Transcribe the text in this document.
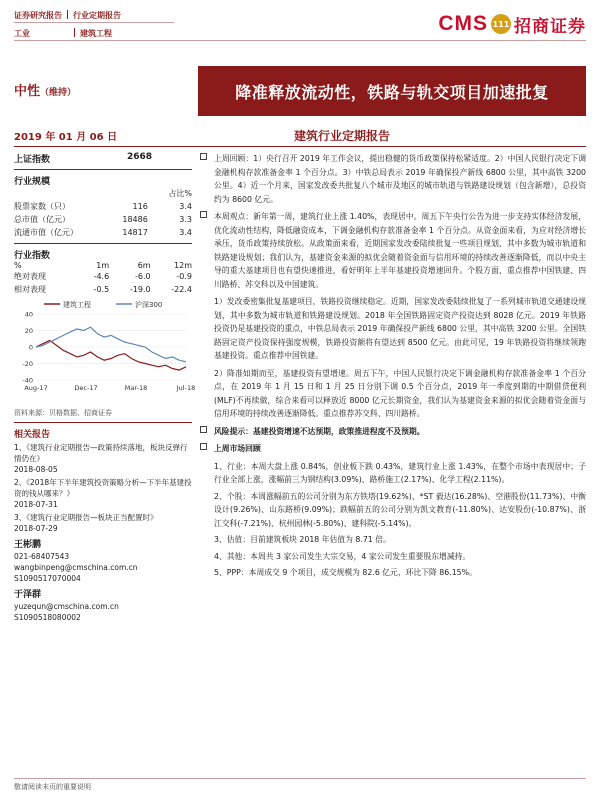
证券研究报告 行业定期报告
工业	建筑工程	CMS 111 招商证券
中性（维持）	降准释放流动性，铁路与轨交项目加速批复
2019 年 01 月 06 日	建筑行业定期报告
上证指数	2668
行业规模
		占比%
股票家数（只）	116	3.4
总市值（亿元）	18486	3.3
流通市值（亿元）	14817	3.4
行业指数
%	1m	6m	12m
绝对表现	-4.6	-6.0	-0.9
相对表现	-0.5	-19.0	-22.4
建筑工程	沪深300
40
20
0
-20
-40
Aug-17	Dec-17	Mar-18	Jul-18
资料来源：贝格数据、招商证券
相关报告
1、《建筑行业定期报告—政策持续落地，板块反弹行情仍在》
2018-08-05
2、《2018年下半年建筑投资策略分析—下半年基建投资的钱从哪来？》
2018-07-31
3、《建筑行业定期报告—板块正当配置时》
2018-07-29
王彬鹏
021-68407543
wangbinpeng@cmschina.com.cn
S1090517070004
于泽群
yuzequn@cmschina.com.cn
S1090518080002
上周回顾：1）央行召开 2019 年工作会议，提出稳健的货币政策保持松紧适度。2）中国人民银行决定下调金融机构存款准备金率 1 个百分点。3）中铁总局表示 2019 年确保投产新线 6800 公里，其中高铁 3200 公里。4）近一个月来，国家发改委共批复八个城市及地区的城市轨道与铁路建设规划（包含新增），总投资约为 8600 亿元。
本周观点：新年第一周，建筑行业上涨 1.40%，表现居中。周五下午央行公告为进一步支持实体经济发展，优化流动性结构，降低融资成本，下调金融机构存款准备金率 1 个百分点。从资金面来看，为应对经济增长承压，货币政策持续放松。从政策面来看，近期国家发改委陆续批复一些项目规划，其中多数为城市轨道和铁路建设规划；我们认为，基建资金来源的拟优会随着资金面与信用环境的持续改善逐渐降低，而以中央主导的重大基建项目也有望快速推进，看好明年上半年基建投资增速回升。个股方面，重点推荐中国铁建、四川路桥、苏交科以及中国建筑。
1）发改委密集批复基建项目，铁路投资继续稳定。近期，国家发改委陆续批复了一系列城市轨道交通建设规划，其中多数为城市轨道和铁路建设规划。2018 年全国铁路固定资产投资达到 8028 亿元。2019 年铁路投资仍是基建投资的重点，中铁总局表示 2019 年确保投产新线 6800 公里，其中高铁 3200 公里。全国铁路固定资产投资保持强度规模，铁路投资额将有望达到 8500 亿元。由此可见，19 年铁路投资将继续领跑基建投资。重点推荐中国铁建。
2）降准如期而至，基建投资有望增速。周五下午，中国人民银行决定下调金融机构存款准备金率 1 个百分点，在 2019 年 1 月 15 日和 1 月 25 日分别下调 0.5 个百分点，2019 年一季度到期的中期借贷便利(MLF)不再续做，综合来看可以释放近 8000 亿元长期资金，我们认为基建资金来源的拟优会随着资金面与信用环境的持续改善逐渐降低。重点推荐苏交科、四川路桥。
风险提示：基建投资增速不达预期，政策推进程度不及预期。
上周市场回顾
1、行业：本周大盘上涨 0.84%，创业板下跌 0.43%，建筑行业上涨 1.43%，在整个市场中表现居中；子行业全部上涨，涨幅前三为钢结构(3.09%)、路桥施工(2.17%)、化学工程(2.11%)。
2、个股：本周涨幅前五的公司分别为东方铁塔(19.62%)、*ST 毅达(16.28%)、空港股份(11.73%)、中衡设计(9.26%)、山东路桥(9.09%)；跌幅前五的公司分别为凯文教育(-11.80%)、达安股份(-10.87%)、浙江交科(-7.21%)、杭州园林(-5.80%)、建科院(-5.14%)。
3、估值：目前建筑板块 2018 年估值为 8.71 倍。
4、其他：本周共 3 家公司发生大宗交易，4 家公司发生重要股东增减持。
5、PPP：本周成交 9 个项目，成交规模为 82.6 亿元，环比下降 86.15%。
敬请阅读末页的重要说明
